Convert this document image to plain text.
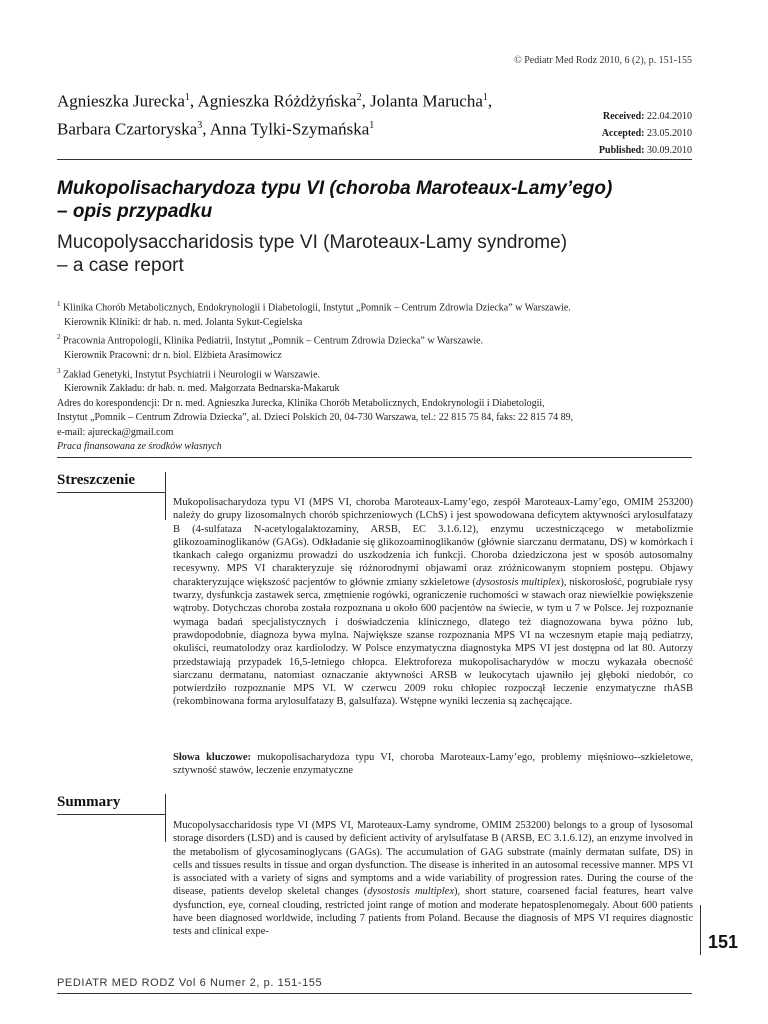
© Pediatr Med Rodz 2010, 6 (2), p. 151-155
Agnieszka Jurecka$^1$, Agnieszka Różdżyńska$^2$, Jolanta Marucha$^1$,
Barbara Czartoryska$^3$, Anna Tylki-Szymańska$^1$
Received: 22.04.2010
Accepted: 23.05.2010
Published: 30.09.2010
Mukopolisacharydoza typu VI (choroba Maroteaux-Lamy’ego)
– opis przypadku
Mucopolysaccharidosis type VI (Maroteaux-Lamy syndrome)
– a case report
$^1$ Klinika Chorób Metabolicznych, Endokrynologii i Diabetologii, Instytut „Pomnik – Centrum Zdrowia Dziecka” w Warszawie.
Kierownik Kliniki: dr hab. n. med. Jolanta Sykut-Cegielska
$^2$ Pracownia Antropologii, Klinika Pediatrii, Instytut „Pomnik – Centrum Zdrowia Dziecka” w Warszawie.
Kierownik Pracowni: dr n. biol. Elżbieta Arasimowicz
$^3$ Zakład Genetyki, Instytut Psychiatrii i Neurologii w Warszawie.
Kierownik Zakładu: dr hab. n. med. Małgorzata Bednarska-Makaruk
Adres do korespondencji: Dr n. med. Agnieszka Jurecka, Klinika Chorób Metabolicznych, Endokrynologii i Diabetologii,
Instytut „Pomnik – Centrum Zdrowia Dziecka”, al. Dzieci Polskich 20, 04-730 Warszawa, tel.: 22 815 75 84, faks: 22 815 74 89,
e-mail: ajurecka@gmail.com
Praca finansowana ze środków własnych
Streszczenie
Mukopolisacharydoza typu VI (MPS VI, choroba Maroteaux-Lamy’ego, zespół Maroteaux-Lamy’ego, OMIM 253200) należy do grupy lizosomalnych chorób spichrzeniowych (LChS) i jest spowodowana deficytem aktywności arylosulfatazy B (4-sulfataza N-acetylogalaktozaminy, ARSB, EC 3.1.6.12), enzymu uczestniczącego w metabolizmie glikozoaminoglikanów (GAGs). Odkładanie się glikozoaminoglikanów (głównie siarczanu dermatanu, DS) w komórkach i tkankach całego organizmu prowadzi do uszkodzenia ich funkcji. Choroba dziedziczona jest w sposób autosomalny recesywny. MPS VI charakteryzuje się różnorodnymi objawami oraz zróżnicowanym stopniem postępu. Objawy charakteryzujące większość pacjentów to głównie zmiany szkieletowe (dysostosis multiplex), niskorosłość, pogrubiałe rysy twarzy, dysfunkcja zastawek serca, zmętnienie rogówki, ograniczenie ruchomości w stawach oraz niewielkie powiększenie wątroby. Dotychczas choroba została rozpoznana u około 600 pacjentów na świecie, w tym u 7 w Polsce. Jej rozpoznanie wymaga badań specjalistycznych i doświadczenia klinicznego, dlatego też diagnozowana bywa późno lub, prawdopodobnie, diagnoza bywa mylna. Największe szanse rozpoznania MPS VI na wczesnym etapie mają pediatrzy, okuliści, reumatolodzy oraz kardiolodzy. W Polsce enzymatyczna diagnostyka MPS VI jest dostępna od lat 80. Autorzy przedstawiają przypadek 16,5-letniego chłopca. Elektroforeza mukopolisacharydów w moczu wykazała obecność siarczanu dermatanu, natomiast oznaczanie aktywności ARSB w leukocytach ujawniło jej głęboki niedobór, co potwierdziło rozpoznanie MPS VI. W czerwcu 2009 roku chłopiec rozpoczął leczenie enzymatyczne rhASB (rekombinowana forma arylosulfatazy B, galsulfaza). Wstępne wyniki leczenia są zachęcające.
Słowa kluczowe: mukopolisacharydoza typu VI, choroba Maroteaux-Lamy’ego, problemy mięśniowo--szkieletowe, sztywność stawów, leczenie enzymatyczne
Summary
Mucopolysaccharidosis type VI (MPS VI, Maroteaux-Lamy syndrome, OMIM 253200) belongs to a group of lysosomal storage disorders (LSD) and is caused by deficient activity of arylsulfatase B (ARSB, EC 3.1.6.12), an enzyme involved in the metabolism of glycosaminoglycans (GAGs). The accumulation of GAG substrate (mainly dermatan sulfate, DS) in cells and tissues results in tissue and organ dysfunction. The disease is inherited in an autosomal recessive manner. MPS VI is associated with a variety of signs and symptoms and a wide variability of progression rates. During the course of the disease, patients develop skeletal changes (dysostosis multiplex), short stature, coarsened facial features, heart valve dysfunction, eye, corneal clouding, restricted joint range of motion and moderate hepatosplenomegaly. About 600 patients have been diagnosed worldwide, including 7 patients from Poland. Because the diagnosis of MPS VI requires diagnostic tests and clinical expe-
151
PEDIATR MED RODZ Vol 6 Numer 2, p. 151-155
